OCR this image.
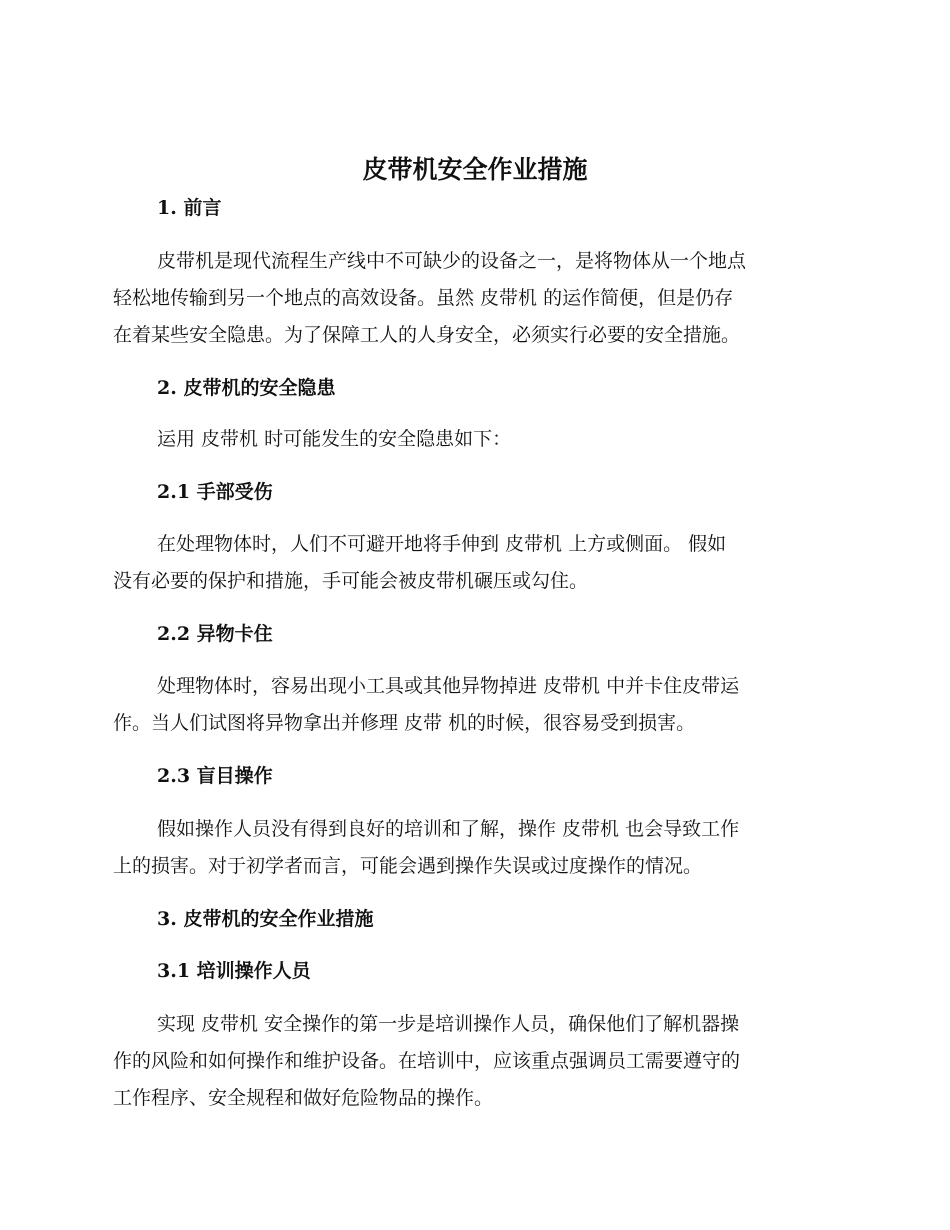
皮带机安全作业措施
1. 前言

皮带机是现代流程生产线中不可缺少的设备之一，是将物体从一个地点

轻松地传输到另一个地点的高效设备。虽然 皮带机 的运作简便，但是仍存

在着某些安全隐患。为了保障工人的人身安全，必须实行必要的安全措施。

2. 皮带机的安全隐患

运用 皮带机 时可能发生的安全隐患如下：

2.1 手部受伤

在处理物体时，人们不可避开地将手伸到 皮带机 上方或侧面。 假如

没有必要的保护和措施，手可能会被皮带机碾压或勾住。

2.2 异物卡住

处理物体时，容易出现小工具或其他异物掉进 皮带机 中并卡住皮带运

作。当人们试图将异物拿出并修理 皮带 机的时候，很容易受到损害。

2.3 盲目操作

假如操作人员没有得到良好的培训和了解，操作 皮带机 也会导致工作

上的损害。对于初学者而言，可能会遇到操作失误或过度操作的情况。

3. 皮带机的安全作业措施
3.1 培训操作人员

实现 皮带机 安全操作的第一步是培训操作人员，确保他们了解机器操

作的风险和如何操作和维护设备。在培训中，应该重点强调员工需要遵守的

工作程序、安全规程和做好危险物品的操作。
